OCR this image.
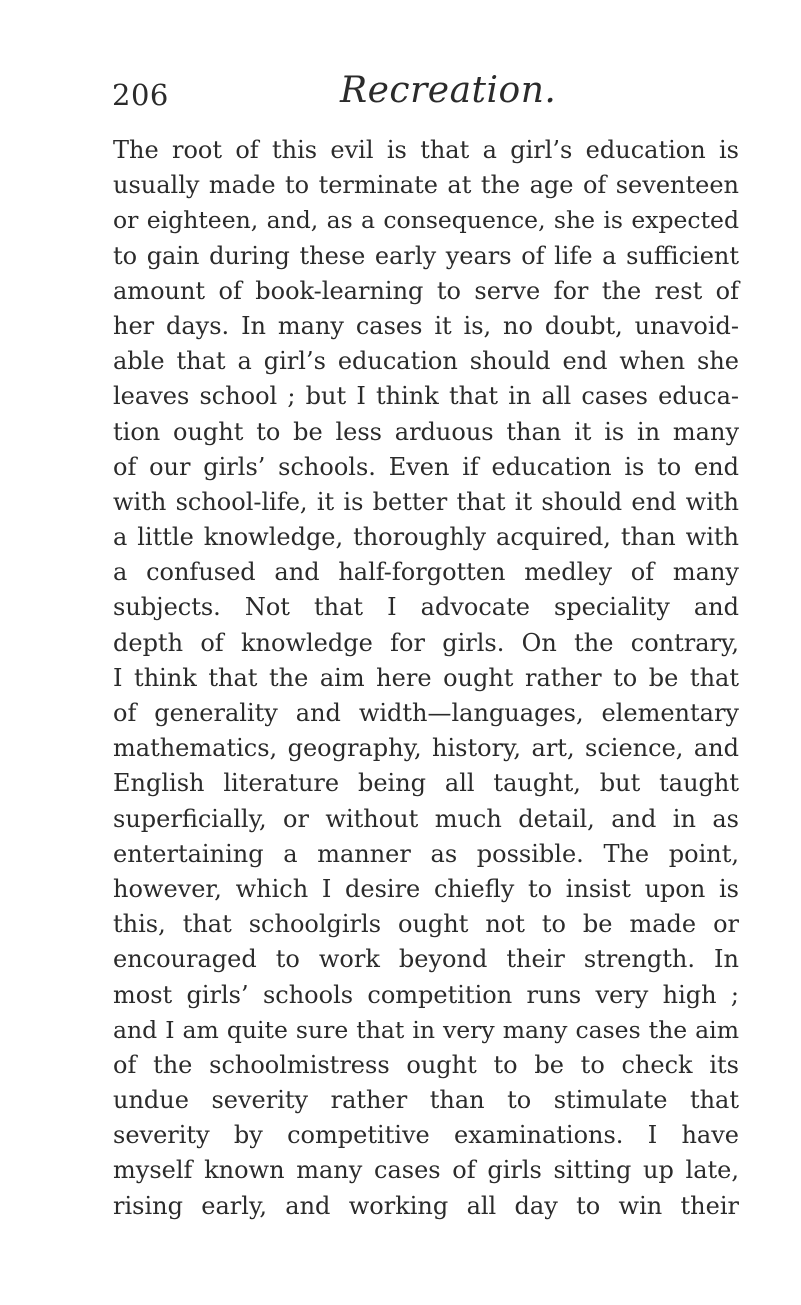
206	Recreation.
The root of this evil is that a girl’s education is
usually made to terminate at the age of seventeen
or eighteen, and, as a consequence, she is expected
to gain during these early years of life a sufficient
amount of book-learning to serve for the rest of
her days. In many cases it is, no doubt, unavoid-
able that a girl’s education should end when she
leaves school ; but I think that in all cases educa-
tion ought to be less arduous than it is in many
of our girls’ schools. Even if education is to end
with school-life, it is better that it should end with
a little knowledge, thoroughly acquired, than with
a confused and half-forgotten medley of many
subjects. Not that I advocate speciality and
depth of knowledge for girls. On the contrary,
I think that the aim here ought rather to be that
of generality and width—languages, elementary
mathematics, geography, history, art, science, and
English literature being all taught, but taught
superficially, or without much detail, and in as
entertaining a manner as possible. The point,
however, which I desire chiefly to insist upon is
this, that schoolgirls ought not to be made or
encouraged to work beyond their strength. In
most girls’ schools competition runs very high ;
and I am quite sure that in very many cases the aim
of the schoolmistress ought to be to check its
undue severity rather than to stimulate that
severity by competitive examinations. I have
myself known many cases of girls sitting up late,
rising early, and working all day to win their
